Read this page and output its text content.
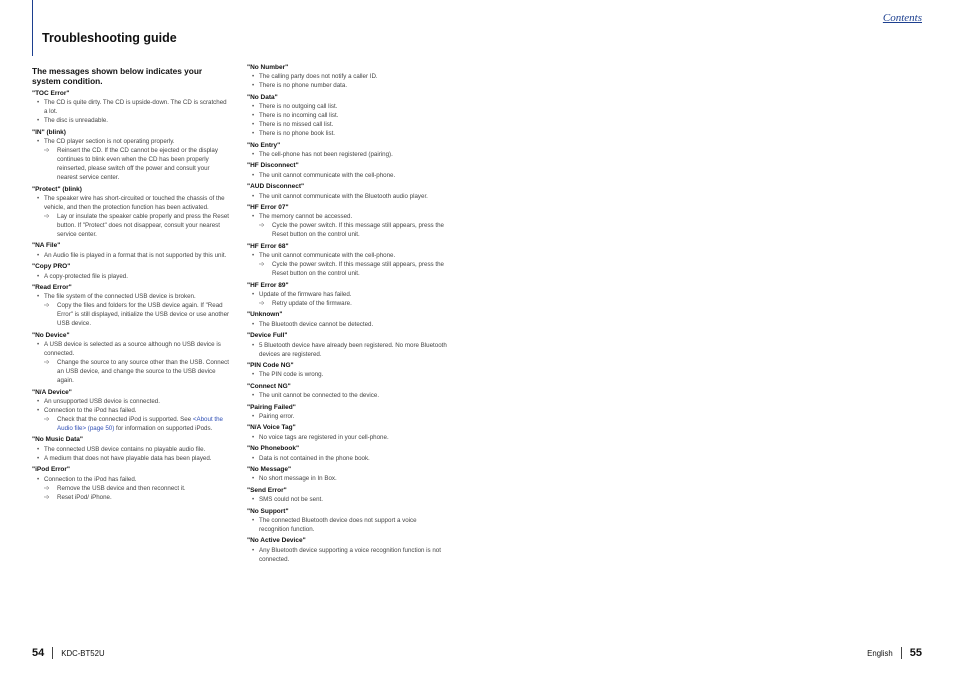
Contents
Troubleshooting guide
The messages shown below indicates your system condition.
"TOC Error"
• The CD is quite dirty. The CD is upside-down. The CD is scratched a lot.
• The disc is unreadable.
"IN" (blink)
• The CD player section is not operating properly.
➩ Reinsert the CD. If the CD cannot be ejected or the display continues to blink even when the CD has been properly reinserted, please switch off the power and consult your nearest service center.
"Protect" (blink)
• The speaker wire has short-circuited or touched the chassis of the vehicle, and then the protection function has been activated.
➩ Lay or insulate the speaker cable properly and press the Reset button. If "Protect" does not disappear, consult your nearest service center.
"NA File"
• An Audio file is played in a format that is not supported by this unit.
"Copy PRO"
• A copy-protected file is played.
"Read Error"
• The file system of the connected USB device is broken.
➩ Copy the files and folders for the USB device again. If "Read Error" is still displayed, initialize the USB device or use another USB device.
"No Device"
• A USB device is selected as a source although no USB device is connected.
➩ Change the source to any source other than the USB. Connect an USB device, and change the source to the USB device again.
"N/A Device"
• An unsupported USB device is connected.
• Connection to the iPod has failed.
➩ Check that the connected iPod is supported. See <About the Audio file> (page 50) for information on supported iPods.
"No Music Data"
• The connected USB device contains no playable audio file.
• A medium that does not have playable data has been played.
"iPod Error"
• Connection to the iPod has failed.
➩ Remove the USB device and then reconnect it.
➩ Reset iPod/ iPhone.
"No Number"
• The calling party does not notify a caller ID.
• There is no phone number data.
"No Data"
• There is no outgoing call list.
• There is no incoming call list.
• There is no missed call list.
• There is no phone book list.
"No Entry"
• The cell-phone has not been registered (pairing).
"HF Disconnect"
• The unit cannot communicate with the cell-phone.
"AUD Disconnect"
• The unit cannot communicate with the Bluetooth audio player.
"HF Error 07"
• The memory cannot be accessed.
➩ Cycle the power switch. If this message still appears, press the Reset button on the control unit.
"HF Error 68"
• The unit cannot communicate with the cell-phone.
➩ Cycle the power switch. If this message still appears, press the Reset button on the control unit.
"HF Error 89"
• Update of the firmware has failed.
➩ Retry update of the firmware.
"Unknown"
• The Bluetooth device cannot be detected.
"Device Full"
• 5 Bluetooth device have already been registered. No more Bluetooth devices are registered.
"PIN Code NG"
• The PIN code is wrong.
"Connect NG"
• The unit cannot be connected to the device.
"Pairing Failed"
• Pairing error.
"N/A Voice Tag"
• No voice tags are registered in your cell-phone.
"No Phonebook"
• Data is not contained in the phone book.
"No Message"
• No short message in In Box.
"Send Error"
• SMS could not be sent.
"No Support"
• The connected Bluetooth device does not support a voice recognition function.
"No Active Device"
• Any Bluetooth device supporting a voice recognition function is not connected.
54 KDC-BT52U	English 55
